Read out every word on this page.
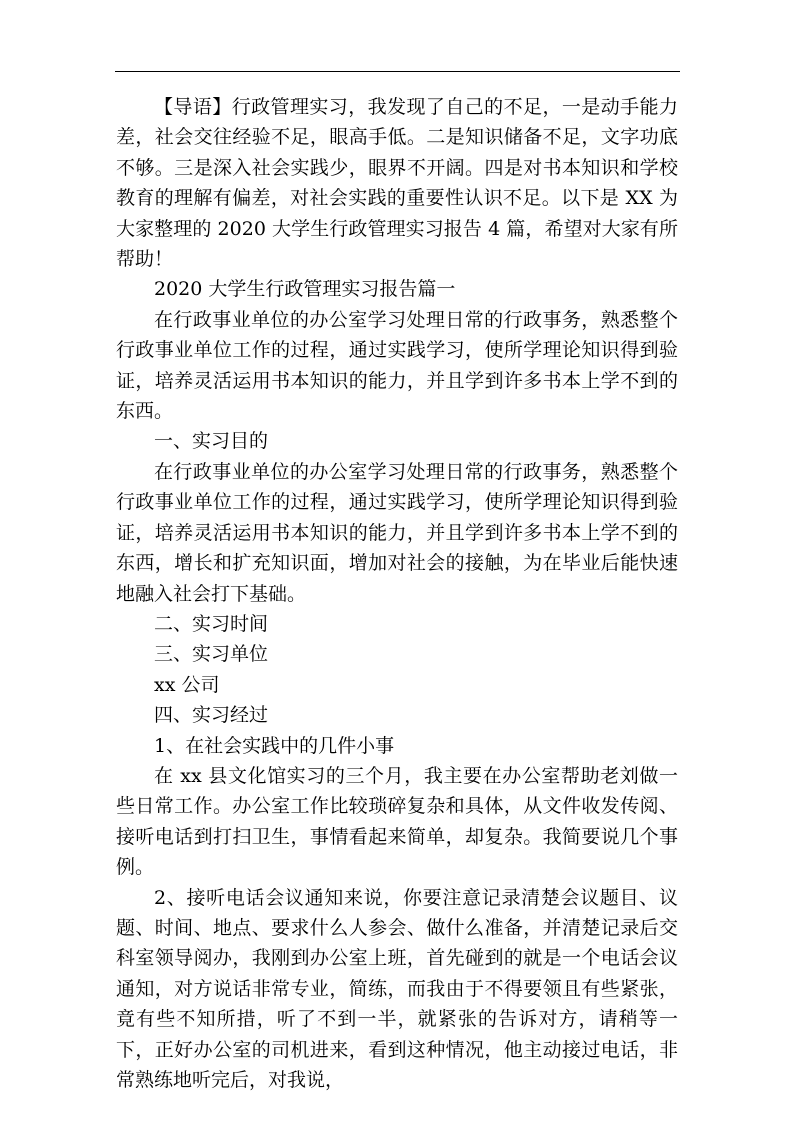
【导语】行政管理实习，我发现了自己的不足，一是动手能力差，社会交往经验不足，眼高手低。二是知识储备不足，文字功底不够。三是深入社会实践少，眼界不开阔。四是对书本知识和学校教育的理解有偏差，对社会实践的重要性认识不足。以下是 XX 为大家整理的 2020 大学生行政管理实习报告 4 篇，希望对大家有所帮助！

2020 大学生行政管理实习报告篇一

在行政事业单位的办公室学习处理日常的行政事务，熟悉整个行政事业单位工作的过程，通过实践学习，使所学理论知识得到验证，培养灵活运用书本知识的能力，并且学到许多书本上学不到的东西。

一、实习目的

在行政事业单位的办公室学习处理日常的行政事务，熟悉整个行政事业单位工作的过程，通过实践学习，使所学理论知识得到验证，培养灵活运用书本知识的能力，并且学到许多书本上学不到的东西，增长和扩充知识面，增加对社会的接触，为在毕业后能快速地融入社会打下基础。

二、实习时间

三、实习单位

xx 公司

四、实习经过

1、在社会实践中的几件小事

在 xx 县文化馆实习的三个月，我主要在办公室帮助老刘做一些日常工作。办公室工作比较琐碎复杂和具体，从文件收发传阅、接听电话到打扫卫生，事情看起来简单，却复杂。我简要说几个事例。

2、接听电话会议通知来说，你要注意记录清楚会议题目、议题、时间、地点、要求什么人参会、做什么准备，并清楚记录后交科室领导阅办，我刚到办公室上班，首先碰到的就是一个电话会议通知，对方说话非常专业，简练，而我由于不得要领且有些紧张，竟有些不知所措，听了不到一半，就紧张的告诉对方，请稍等一下，正好办公室的司机进来，看到这种情况，他主动接过电话，非常熟练地听完后，对我说，
